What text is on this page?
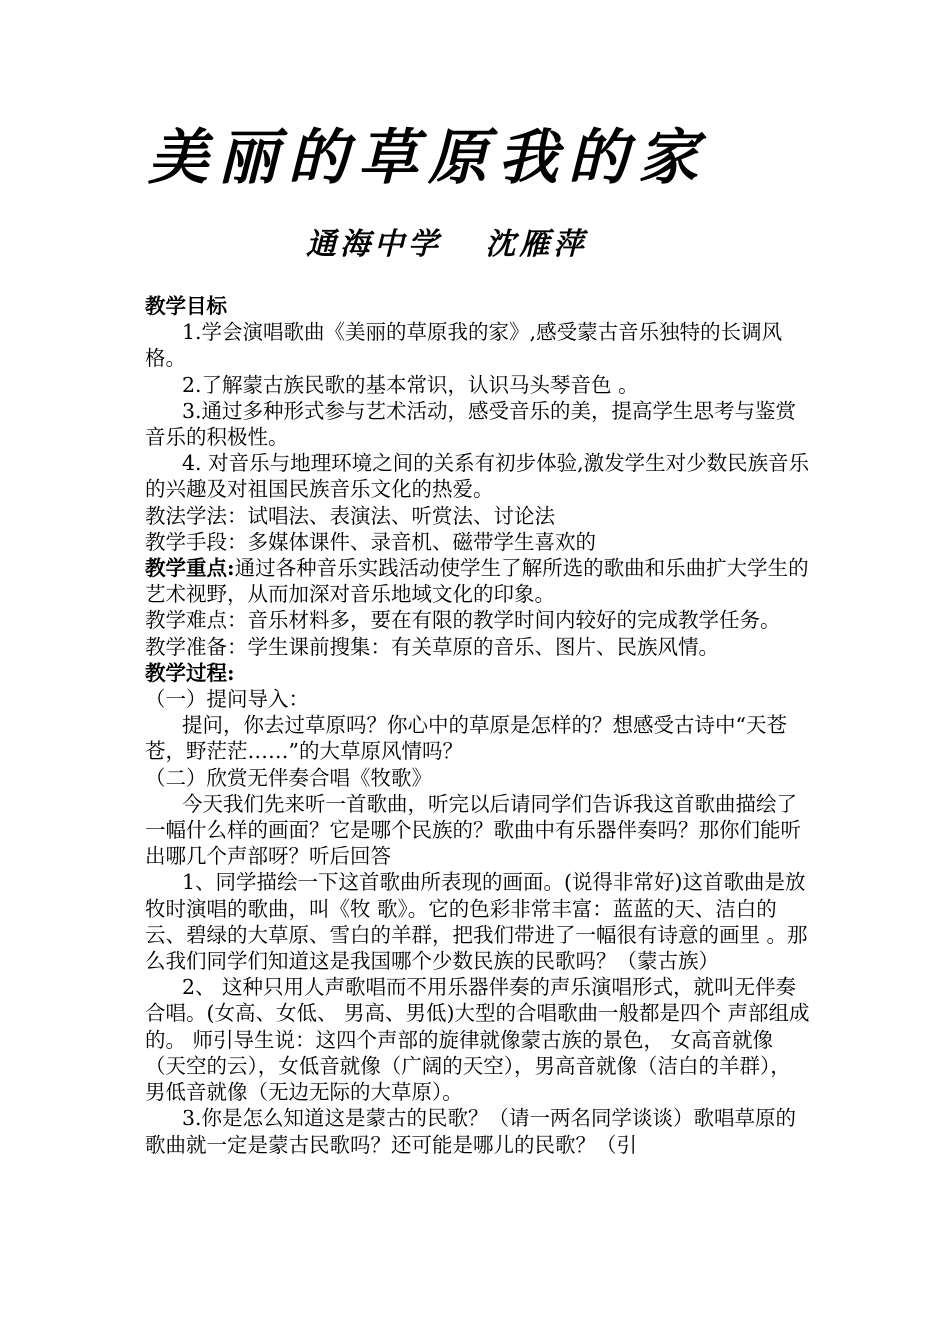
美丽的草原我的家
通海中学   沈雁萍

教学目标

1.学会演唱歌曲《美丽的草原我的家》,感受蒙古音乐独特的长调风格。

2.了解蒙古族民歌的基本常识，认识马头琴音色 。

3.通过多种形式参与艺术活动，感受音乐的美，提高学生思考与鉴赏音乐的积极性。

4. 对音乐与地理环境之间的关系有初步体验,激发学生对少数民族音乐的兴趣及对祖国民族音乐文化的热爱。

教法学法：试唱法、表演法、听赏法、讨论法

教学手段：多媒体课件、录音机、磁带学生喜欢的

教学重点:通过各种音乐实践活动使学生了解所选的歌曲和乐曲扩大学生的艺术视野，从而加深对音乐地域文化的印象。

教学难点：音乐材料多，要在有限的教学时间内较好的完成教学任务。

教学准备：学生课前搜集：有关草原的音乐、图片、民族风情。

教学过程:

（一）提问导入：

提问，你去过草原吗？你心中的草原是怎样的？想感受古诗中“天苍苍，野茫茫……”的大草原风情吗？

（二）欣赏无伴奏合唱《牧歌》

今天我们先来听一首歌曲，听完以后请同学们告诉我这首歌曲描绘了一幅什么样的画面？它是哪个民族的？歌曲中有乐器伴奏吗？那你们能听出哪几个声部呀？听后回答

1、同学描绘一下这首歌曲所表现的画面。(说得非常好)这首歌曲是放牧时演唱的歌曲，叫《牧 歌》。它的色彩非常丰富：蓝蓝的天、洁白的云、碧绿的大草原、雪白的羊群，把我们带进了一幅很有诗意的画里 。那么我们同学们知道这是我国哪个少数民族的民歌吗？（蒙古族）

2、 这种只用人声歌唱而不用乐器伴奏的声乐演唱形式，就叫无伴奏合唱。(女高、女低、 男高、男低)大型的合唱歌曲一般都是四个 声部组成的。 师引导生说：这四个声部的旋律就像蒙古族的景色， 女高音就像（天空的云），女低音就像（广阔的天空），男高音就像（洁白的羊群），男低音就像（无边无际的大草原）。

3.你是怎么知道这是蒙古的民歌？（请一两名同学谈谈）歌唱草原的歌曲就一定是蒙古民歌吗？还可能是哪儿的民歌？（引
